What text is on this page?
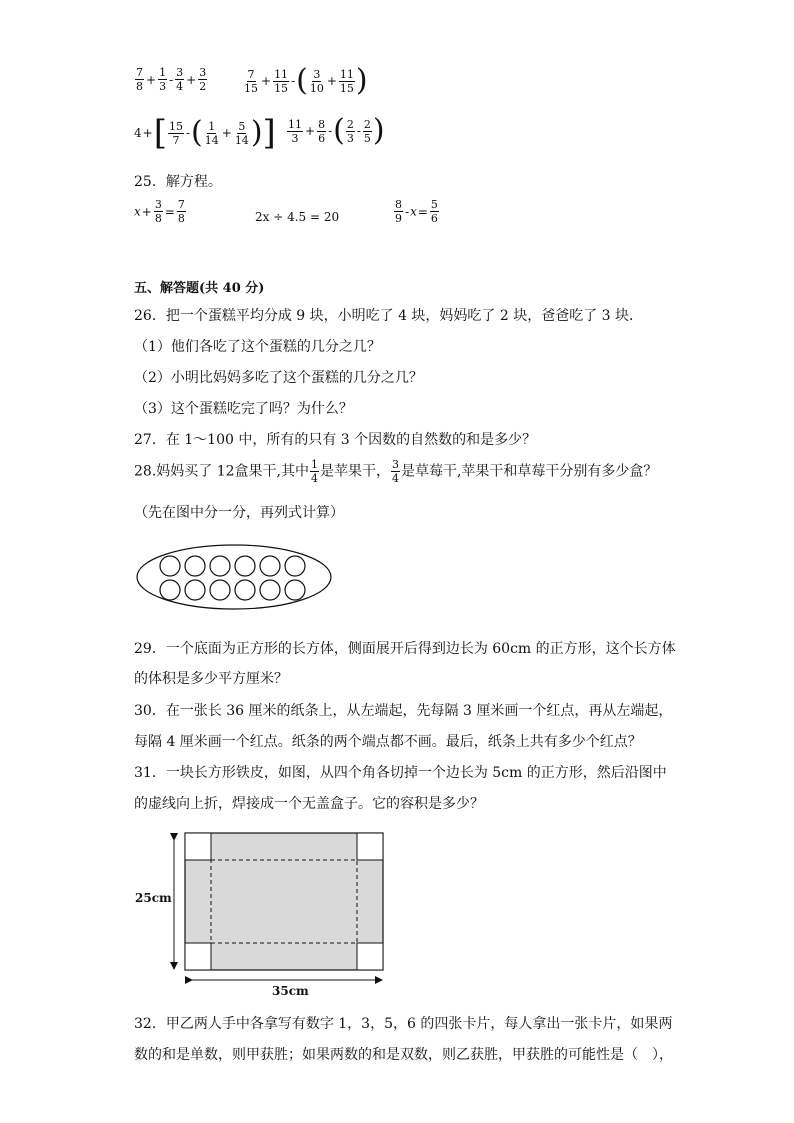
$\frac{7}{8} + \frac{1}{3} - \frac{3}{4} + \frac{3}{2}$	$\frac{7}{15} + \frac{11}{15}$ -( $\frac{3}{10} + \frac{11}{15}$ )
$4+[ \frac{15}{7}$ -( $\frac{1}{14} + \frac{5}{14}$ )] $\frac{11}{3} + \frac{8}{6}$ -( $\frac{2}{3} - \frac{2}{5}$ )
25．解方程。
$x+ \frac{3}{8} = \frac{7}{8}$	2x ÷ 4.5 = 20	$\frac{8}{9} -x= \frac{5}{6}$
五、解答题(共 40 分)
26．把一个蛋糕平均分成 9 块，小明吃了 4 块，妈妈吃了 2 块，爸爸吃了 3 块．
（1）他们各吃了这个蛋糕的几分之几？
（2）小明比妈妈多吃了这个蛋糕的几分之几？
（3）这个蛋糕吃完了吗？为什么？
27．在 1～100 中，所有的只有 3 个因数的自然数的和是多少？
28.妈妈买了 12盒果干,其中 $\frac{1}{4}$ 是苹果干， $\frac{3}{4}$ 是草莓干,苹果干和草莓干分别有多少盒？
（先在图中分一分，再列式计算）
29．一个底面为正方形的长方体，侧面展开后得到边长为 60cm 的正方形，这个长方体
的体积是多少平方厘米？
30．在一张长 36 厘米的纸条上，从左端起，先每隔 3 厘米画一个红点，再从左端起，
每隔 4 厘米画一个红点。纸条的两个端点都不画。最后，纸条上共有多少个红点？
31．一块长方形铁皮，如图，从四个角各切掉一个边长为 5cm 的正方形，然后沿图中
的虚线向上折，焊接成一个无盖盒子。它的容积是多少？
25cm
35cm
32．甲乙两人手中各拿写有数字 1，3，5，6 的四张卡片，每人拿出一张卡片，如果两
数的和是单数，则甲获胜；如果两数的和是双数，则乙获胜，甲获胜的可能性是（　），
